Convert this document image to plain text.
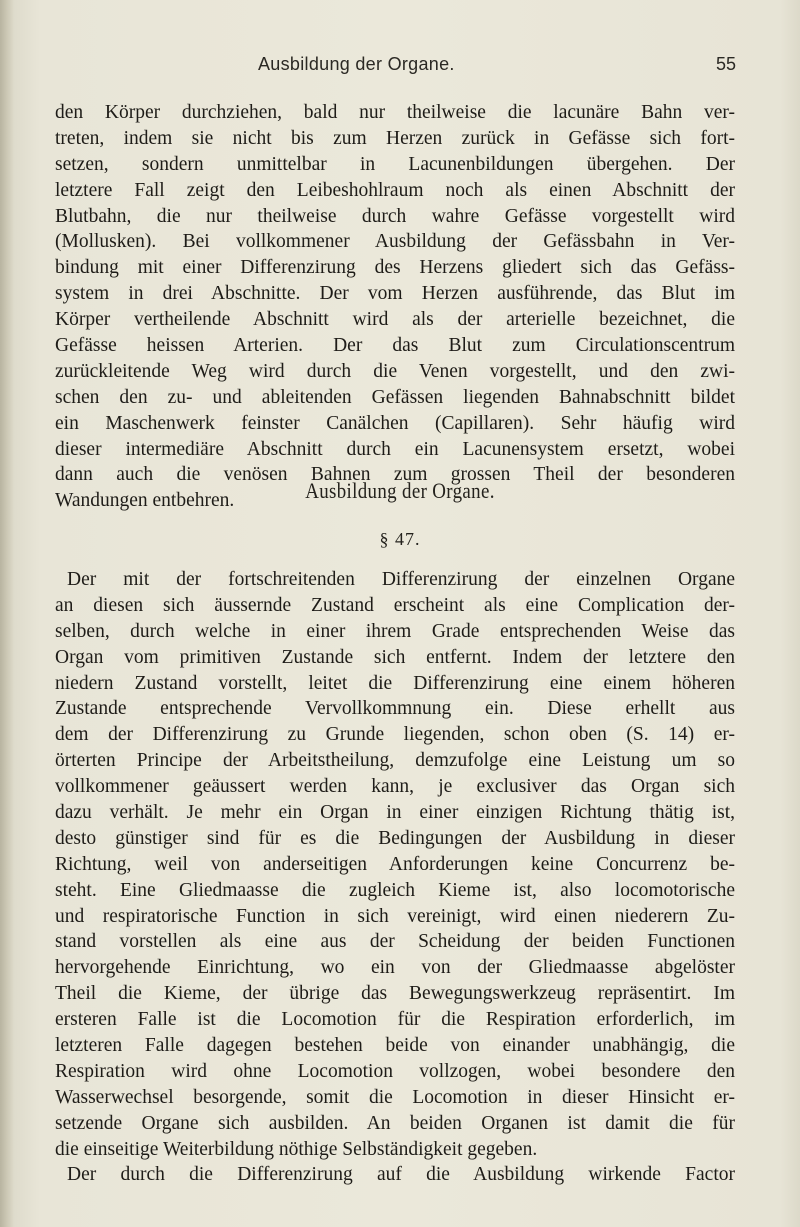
Ausbildung der Organe.	55
den Körper durchziehen, bald nur theilweise die lacunäre Bahn ver-
treten, indem sie nicht bis zum Herzen zurück in Gefässe sich fort-
setzen, sondern unmittelbar in Lacunenbildungen übergehen. Der
letztere Fall zeigt den Leibeshohlraum noch als einen Abschnitt der
Blutbahn, die nur theilweise durch wahre Gefässe vorgestellt wird
(Mollusken). Bei vollkommener Ausbildung der Gefässbahn in Ver-
bindung mit einer Differenzirung des Herzens gliedert sich das Gefäss-
system in drei Abschnitte. Der vom Herzen ausführende, das Blut im
Körper vertheilende Abschnitt wird als der arterielle bezeichnet, die
Gefässe heissen Arterien. Der das Blut zum Circulationscentrum
zurückleitende Weg wird durch die Venen vorgestellt, und den zwi-
schen den zu- und ableitenden Gefässen liegenden Bahnabschnitt bildet
ein Maschenwerk feinster Canälchen (Capillaren). Sehr häufig wird
dieser intermediäre Abschnitt durch ein Lacunensystem ersetzt, wobei
dann auch die venösen Bahnen zum grossen Theil der besonderen
Wandungen entbehren.	Ausbildung der Organe.
§ 47.
Der mit der fortschreitenden Differenzirung der einzelnen Organe
an diesen sich äussernde Zustand erscheint als eine Complication der-
selben, durch welche in einer ihrem Grade entsprechenden Weise das
Organ vom primitiven Zustande sich entfernt. Indem der letztere den
niedern Zustand vorstellt, leitet die Differenzirung eine einem höheren
Zustande entsprechende Vervollkommnung ein. Diese erhellt aus
dem der Differenzirung zu Grunde liegenden, schon oben (S. 14) er-
örterten Principe der Arbeitstheilung, demzufolge eine Leistung um so
vollkommener geäussert werden kann, je exclusiver das Organ sich
dazu verhält. Je mehr ein Organ in einer einzigen Richtung thätig ist,
desto günstiger sind für es die Bedingungen der Ausbildung in dieser
Richtung, weil von anderseitigen Anforderungen keine Concurrenz be-
steht. Eine Gliedmaasse die zugleich Kieme ist, also locomotorische
und respiratorische Function in sich vereinigt, wird einen niederern Zu-
stand vorstellen als eine aus der Scheidung der beiden Functionen
hervorgehende Einrichtung, wo ein von der Gliedmaasse abgelöster
Theil die Kieme, der übrige das Bewegungswerkzeug repräsentirt. Im
ersteren Falle ist die Locomotion für die Respiration erforderlich, im
letzteren Falle dagegen bestehen beide von einander unabhängig, die
Respiration wird ohne Locomotion vollzogen, wobei besondere den
Wasserwechsel besorgende, somit die Locomotion in dieser Hinsicht er-
setzende Organe sich ausbilden. An beiden Organen ist damit die für
die einseitige Weiterbildung nöthige Selbständigkeit gegeben.
Der durch die Differenzirung auf die Ausbildung wirkende Factor
